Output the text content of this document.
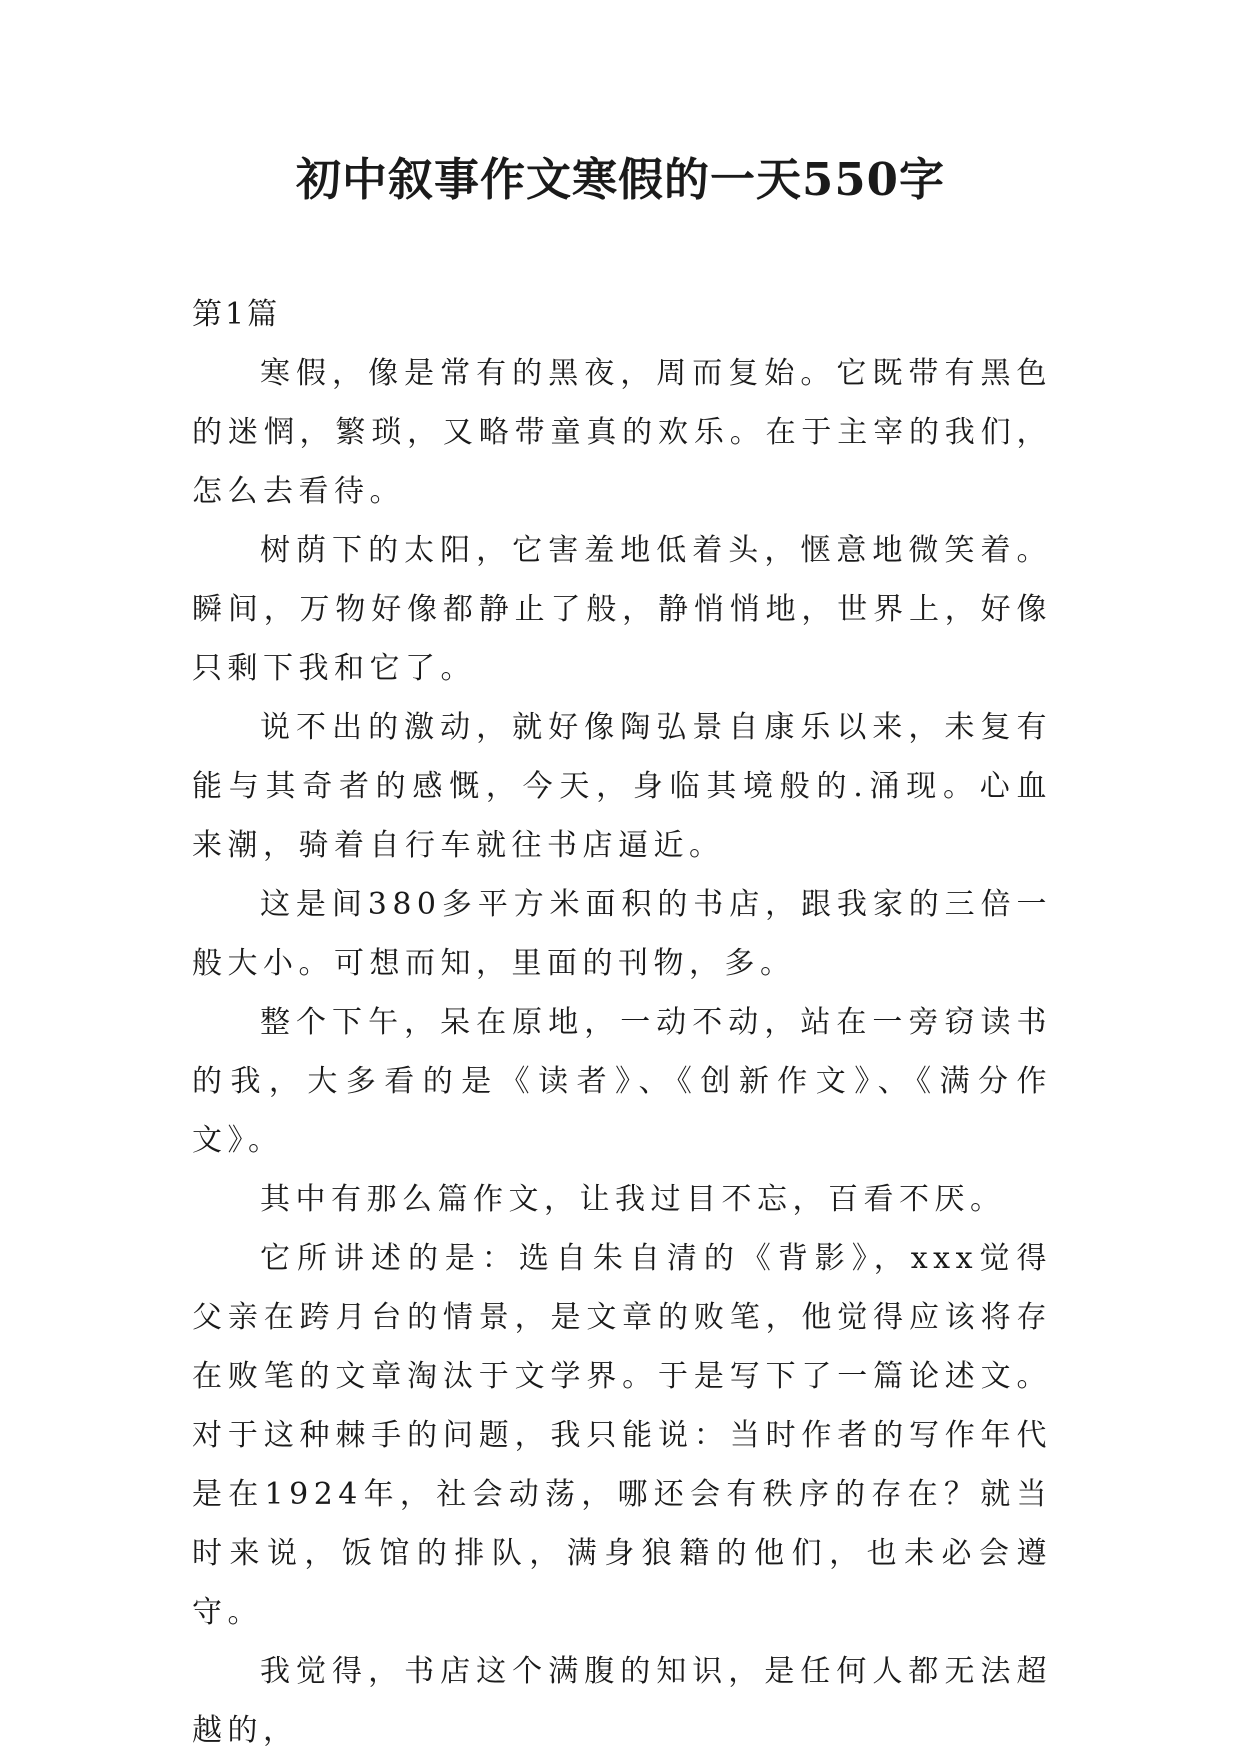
初中叙事作文寒假的一天550字

第1篇

寒假，像是常有的黑夜，周而复始。它既带有黑色的迷惘，繁琐，又略带童真的欢乐。在于主宰的我们，怎么去看待。

树荫下的太阳，它害羞地低着头，惬意地微笑着。瞬间，万物好像都静止了般，静悄悄地，世界上，好像只剩下我和它了。

说不出的激动，就好像陶弘景自康乐以来，未复有能与其奇者的感慨，今天，身临其境般的.涌现。心血来潮，骑着自行车就往书店逼近。

这是间380多平方米面积的书店，跟我家的三倍一般大小。可想而知，里面的刊物，多。

整个下午，呆在原地，一动不动，站在一旁窃读书的我，大多看的是《读者》、《创新作文》、《满分作文》。

其中有那么篇作文，让我过目不忘，百看不厌。

它所讲述的是：选自朱自清的《背影》，xxx觉得父亲在跨月台的情景，是文章的败笔，他觉得应该将存在败笔的文章淘汰于文学界。于是写下了一篇论述文。对于这种棘手的问题，我只能说：当时作者的写作年代是在1924年，社会动荡，哪还会有秩序的存在？就当时来说，饭馆的排队，满身狼籍的他们，也未必会遵守。

我觉得，书店这个满腹的知识，是任何人都无法超越的，
